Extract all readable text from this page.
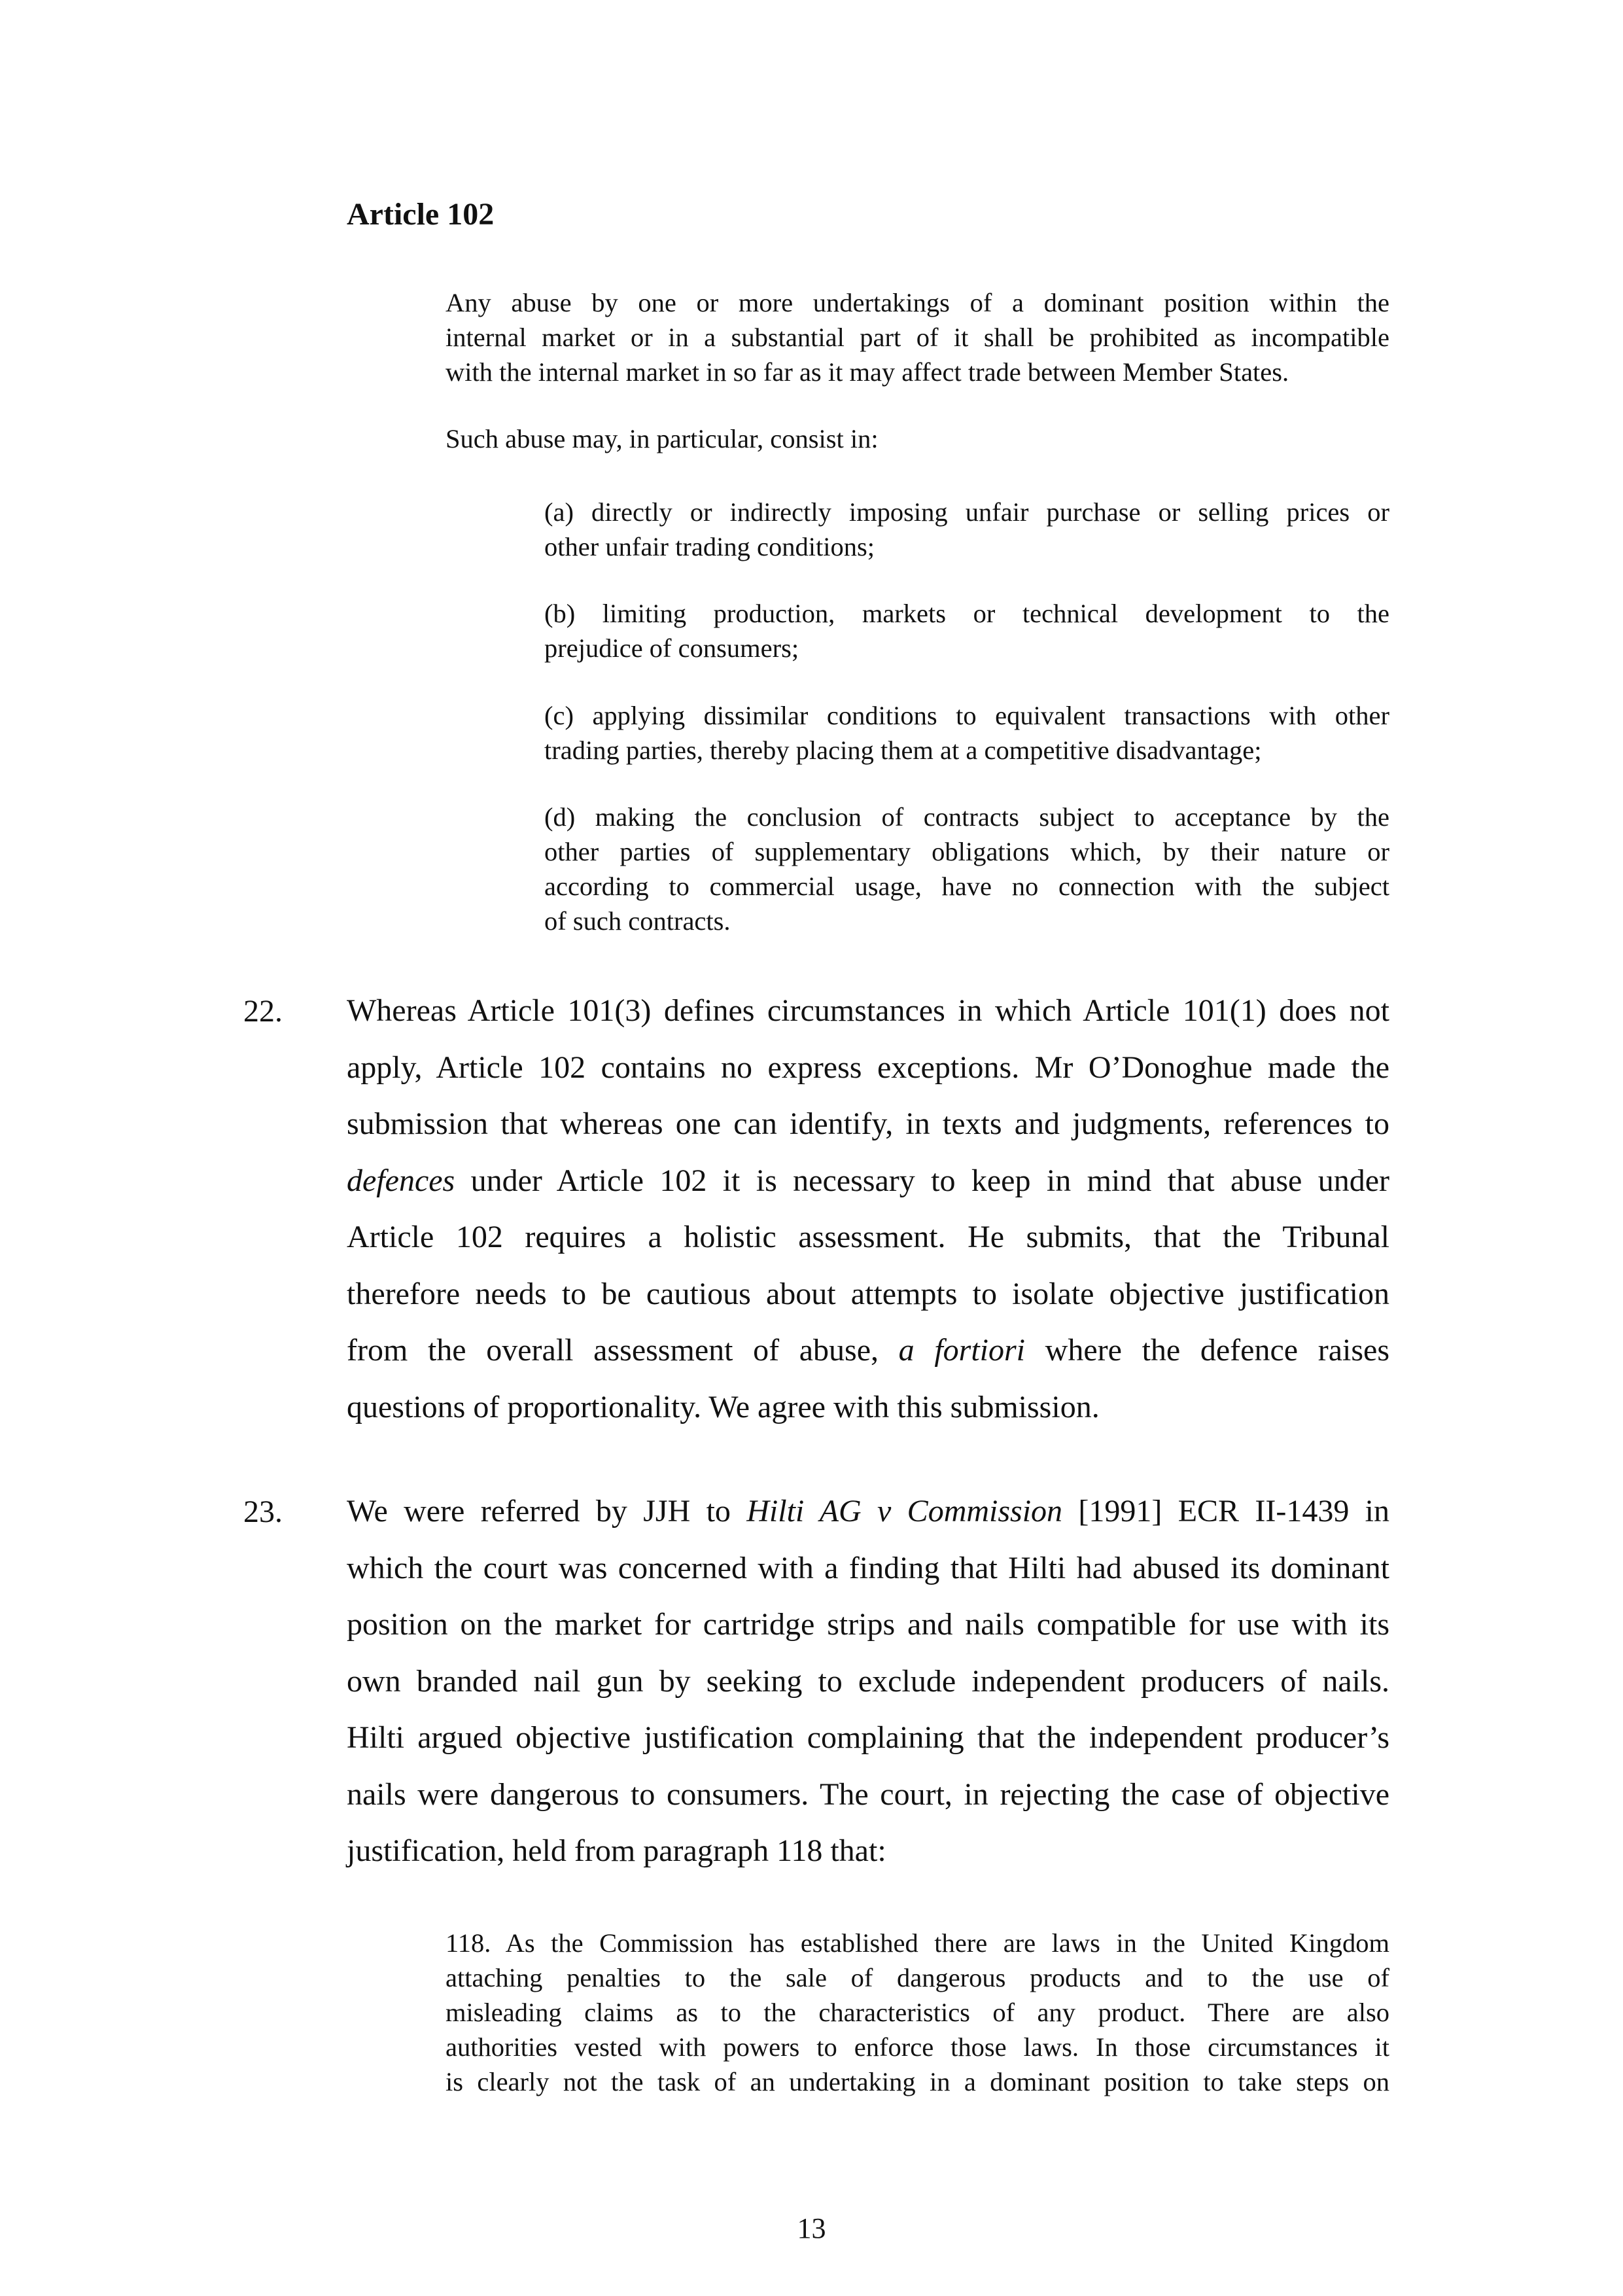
Article 102
Any abuse by one or more undertakings of a dominant position within the
internal market or in a substantial part of it shall be prohibited as incompatible
with the internal market in so far as it may affect trade between Member States.
Such abuse may, in particular, consist in:
(a) directly or indirectly imposing unfair purchase or selling prices or
other unfair trading conditions;
(b) limiting production, markets or technical development to the
prejudice of consumers;
(c) applying dissimilar conditions to equivalent transactions with other
trading parties, thereby placing them at a competitive disadvantage;
(d) making the conclusion of contracts subject to acceptance by the
other parties of supplementary obligations which, by their nature or
according to commercial usage, have no connection with the subject
of such contracts.
22. Whereas Article 101(3) defines circumstances in which Article 101(1) does not
apply, Article 102 contains no express exceptions. Mr O’Donoghue made the
submission that whereas one can identify, in texts and judgments, references to
defences under Article 102 it is necessary to keep in mind that abuse under
Article 102 requires a holistic assessment. He submits, that the Tribunal
therefore needs to be cautious about attempts to isolate objective justification
from the overall assessment of abuse, a fortiori where the defence raises
questions of proportionality. We agree with this submission.
23. We were referred by JJH to Hilti AG v Commission [1991] ECR II-1439 in
which the court was concerned with a finding that Hilti had abused its dominant
position on the market for cartridge strips and nails compatible for use with its
own branded nail gun by seeking to exclude independent producers of nails.
Hilti argued objective justification complaining that the independent producer’s
nails were dangerous to consumers. The court, in rejecting the case of objective
justification, held from paragraph 118 that:
118. As the Commission has established there are laws in the United Kingdom
attaching penalties to the sale of dangerous products and to the use of
misleading claims as to the characteristics of any product. There are also
authorities vested with powers to enforce those laws. In those circumstances it
is clearly not the task of an undertaking in a dominant position to take steps on
13
